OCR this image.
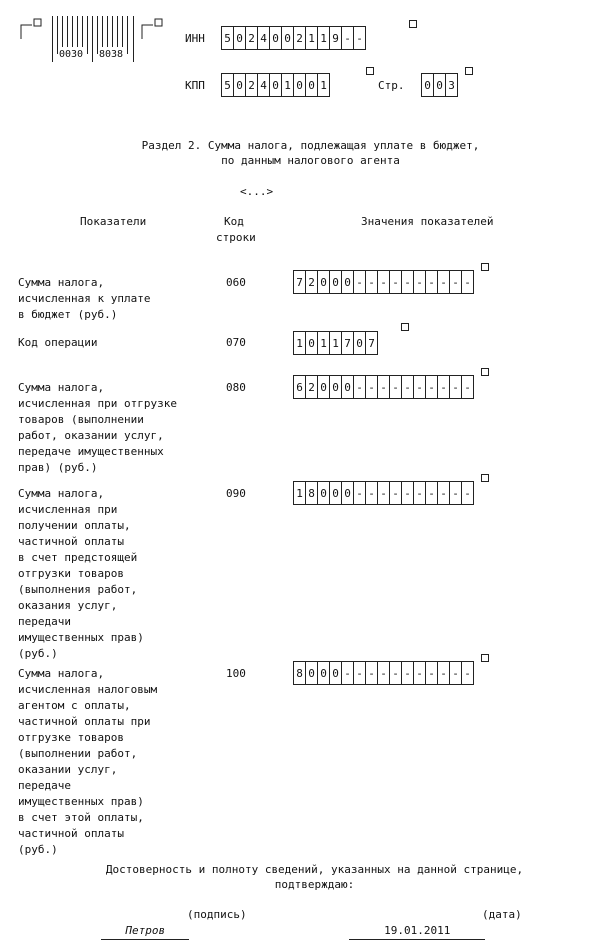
0030 8038
ИНН 5 0 2 4 0 0 2 1 1 9 - -
КПП 5 0 2 4 0 1 0 0 1	Стр. 0 0 3
Раздел 2. Сумма налога, подлежащая уплате в бюджет,
по данным налогового агента
<...>
Показатели	Код
строки
Значения показателей
Сумма налога,
исчисленная к уплате
в бюджет (руб.)
060	7 2 0 0 0 - - - - - - - - - -
Код операции	070	1 0 1 1 7 0 7
Сумма налога,
исчисленная при отгрузке
товаров (выполнении
работ, оказании услуг,
передаче имущественных
прав) (руб.)
080	6 2 0 0 0 - - - - - - - - - -
Сумма налога,
исчисленная при
получении оплаты,
частичной оплаты
в счет предстоящей
отгрузки товаров
(выполнения работ,
оказания услуг,
передачи
имущественных прав)
(руб.)
090	1 8 0 0 0 - - - - - - - - - -
Сумма налога,
исчисленная налоговым
агентом с оплаты,
частичной оплаты при
отгрузке товаров
(выполнении работ,
оказании услуг,
передаче
имущественных прав)
в счет этой оплаты,
частичной оплаты
(руб.)
100	8 0 0 0 - - - - - - - - - - -
Достоверность и полноту сведений, указанных на данной странице,
подтверждаю:

Петров

(подпись)

19.01.2011

(дата)
